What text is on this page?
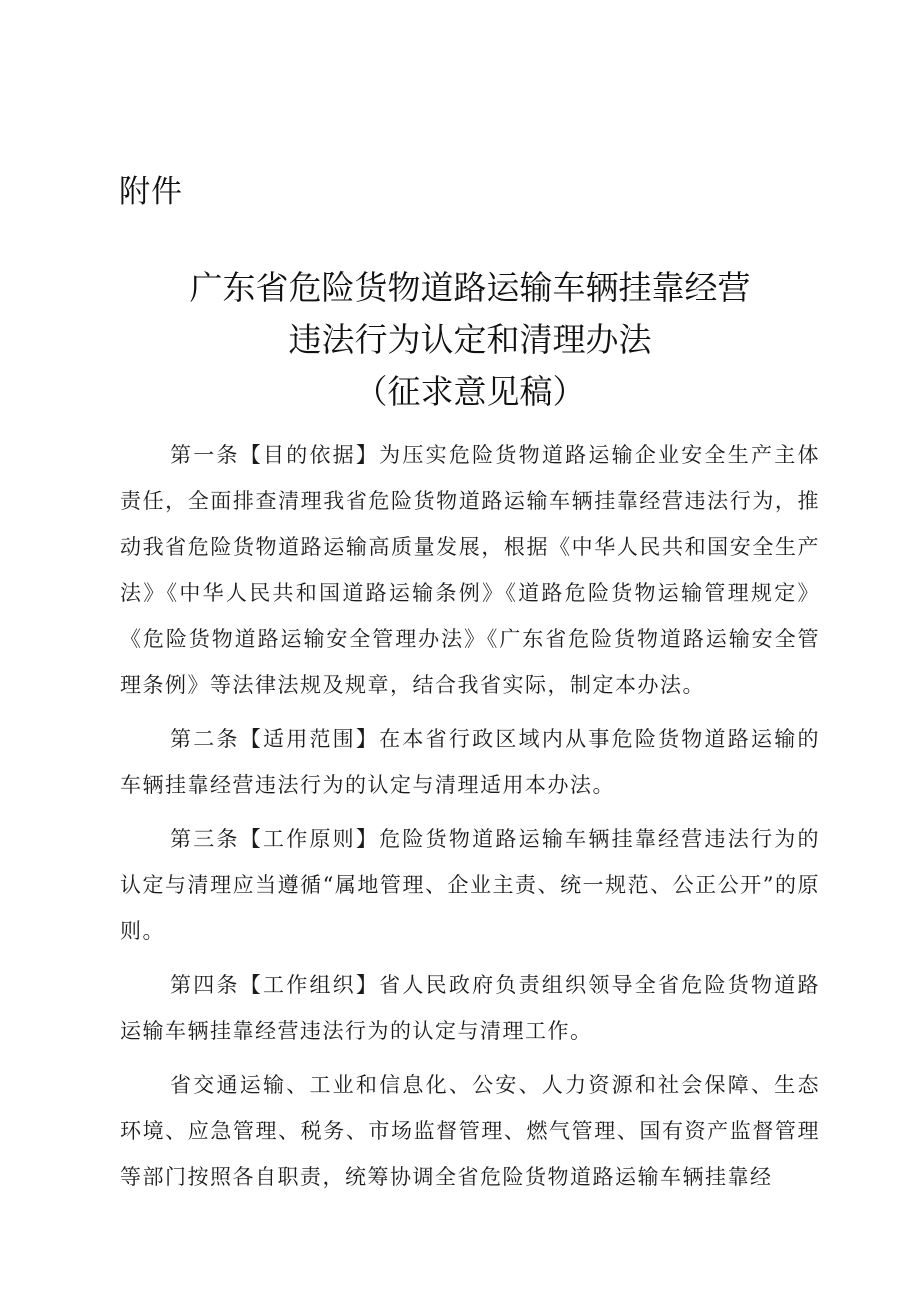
附件
广东省危险货物道路运输车辆挂靠经营
违法行为认定和清理办法
（征求意见稿）

第一条【目的依据】为压实危险货物道路运输企业安全生产主体责任，全面排查清理我省危险货物道路运输车辆挂靠经营违法行为，推动我省危险货物道路运输高质量发展，根据《中华人民共和国安全生产法》《中华人民共和国道路运输条例》《道路危险货物运输管理规定》《危险货物道路运输安全管理办法》《广东省危险货物道路运输安全管理条例》等法律法规及规章，结合我省实际，制定本办法。

第二条【适用范围】在本省行政区域内从事危险货物道路运输的车辆挂靠经营违法行为的认定与清理适用本办法。

第三条【工作原则】危险货物道路运输车辆挂靠经营违法行为的认定与清理应当遵循“属地管理、企业主责、统一规范、公正公开”的原则。

第四条【工作组织】省人民政府负责组织领导全省危险货物道路运输车辆挂靠经营违法行为的认定与清理工作。

省交通运输、工业和信息化、公安、人力资源和社会保障、生态环境、应急管理、税务、市场监督管理、燃气管理、国有资产监督管理等部门按照各自职责，统筹协调全省危险货物道路运输车辆挂靠经
